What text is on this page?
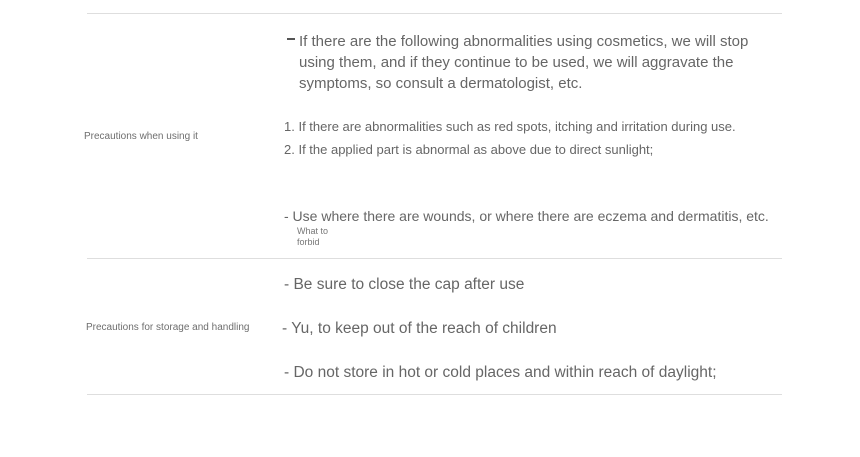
Precautions when using it
If there are the following abnormalities using cosmetics, we will stop using them, and if they continue to be used, we will aggravate the symptoms, so consult a dermatologist, etc.
1. If there are abnormalities such as red spots, itching and irritation during use.
2. If the applied part is abnormal as above due to direct sunlight;
- Use where there are wounds, or where there are eczema and dermatitis, etc.
What to
forbid
Precautions for storage and handling
- Be sure to close the cap after use
- Yu, to keep out of the reach of children
- Do not store in hot or cold places and within reach of daylight;
